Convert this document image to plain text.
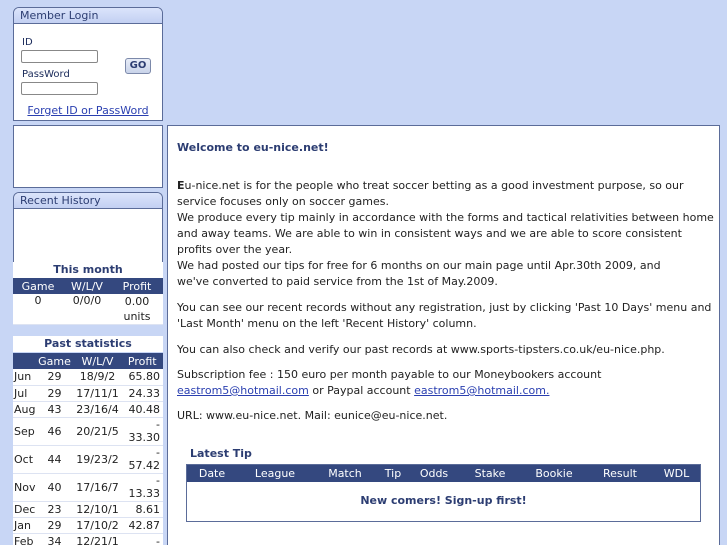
Member Login
ID
PassWord
GO
Forget ID or PassWord
Recent History
This month
Game	W/L/V	Profit
0	0/0/0	0.00
units
Past statistics
	Game	W/L/V	Profit
Jun	29	18/9/2	65.80
Jul	29	17/11/1	24.33
Aug	43	23/16/4	40.48
Sep	46	20/21/5	-
33.30
Oct	44	19/23/2	-
57.42
Nov	40	17/16/7	-
13.33
Dec	23	12/10/1	8.61
Jan	29	17/10/2	42.87
Feb	34	12/21/1	-
Welcome to eu-nice.net!
Eu-nice.net is for the people who treat soccer betting as a good investment purpose, so our service focuses only on soccer games.
We produce every tip mainly in accordance with the forms and tactical relativities between home and away teams. We are able to win in consistent ways and we are able to score consistent profits over the year.
We had posted our tips for free for 6 months on our main page until Apr.30th 2009, and
we've converted to paid service from the 1st of May.2009.
You can see our recent records without any registration, just by clicking 'Past 10 Days' menu and 'Last Month' menu on the left 'Recent History' column.
You can also check and verify our past records at www.sports-tipsters.co.uk/eu-nice.php.
Subscription fee : 150 euro per month payable to our Moneybookers account eastrom5@hotmail.com or Paypal account eastrom5@hotmail.com.
URL: www.eu-nice.net. Mail: eunice@eu-nice.net.
Latest Tip
Date	League	Match	Tip	Odds	Stake	Bookie	Result	WDL
New comers! Sign-up first!
